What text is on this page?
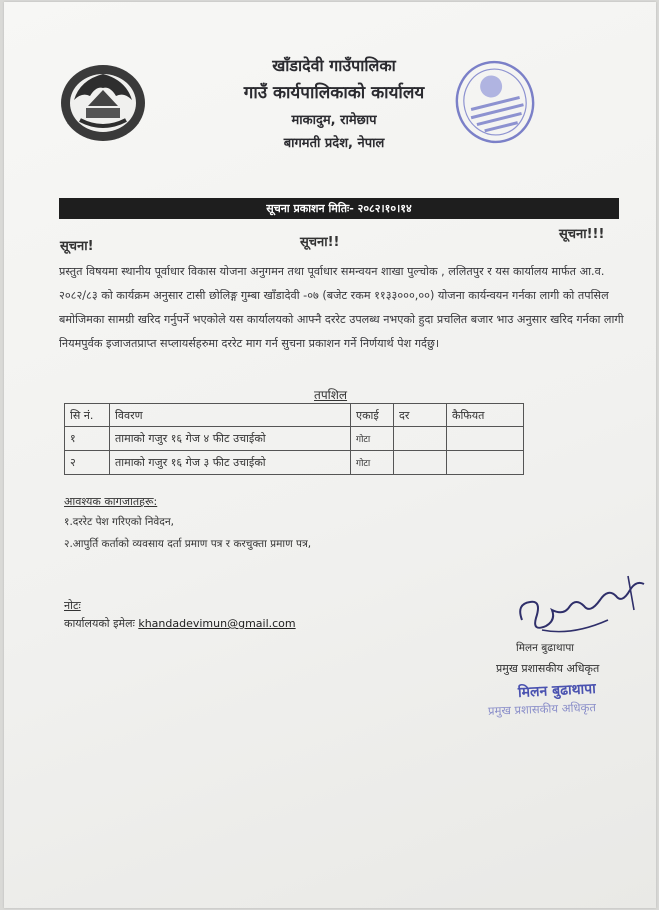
खाँडादेवी गाउँपालिका
गाउँ कार्यपालिकाको कार्यालय
माकादुम, रामेछाप
बागमती प्रदेश, नेपाल
सूचना प्रकाशन मितिः- २०८२।१०।१४
सूचना!	सूचना!!
सूचना!!!
प्रस्तुत विषयमा स्थानीय पूर्वाधार विकास योजना अनुगमन तथा पूर्वाधार समन्वयन शाखा पुल्चोक , ललितपुर र यस कार्यालय मार्फत आ.व. २०८२/८३ को कार्यक्रम अनुसार टासी छोलिङ्ग गुम्बा खाँडादेवी -०७ (बजेट रकम ११३३०००,००) योजना कार्यन्वयन गर्नका लागी को तपसिल बमोजिमका सामग्री खरिद गर्नुपर्ने भएकोले यस कार्यालयको आफ्नै दररेट उपलब्ध नभएको हुदा प्रचलित बजार भाउ अनुसार खरिद गर्नका लागी नियमपुर्वक इजाजतप्राप्त सप्लायर्सहरुमा दररेट माग गर्न सुचना प्रकाशन गर्ने निर्णयार्थ पेश गर्दछु।
तपशिल
सि नं.	विवरण	एकाई	दर	कैफियत
१	तामाको गजुर १६ गेज ४ फीट उचाईको	गोटा		
२	तामाको गजुर १६ गेज ३ फीट उचाईको	गोटा		
आवश्यक कागजातहरू:
१.दररेट पेश गरिएको निवेदन,
२.आपुर्ति कर्ताको व्यवसाय दर्ता प्रमाण पत्र र करचुक्ता प्रमाण पत्र,
नोटः
कार्यालयको इमेलः khandadevimun@gmail.com
मिलन बुढाथापा
प्रमुख प्रशासकीय अधिकृत
मिलन बुढाथापा
प्रमुख प्रशासकीय अधिकृत
